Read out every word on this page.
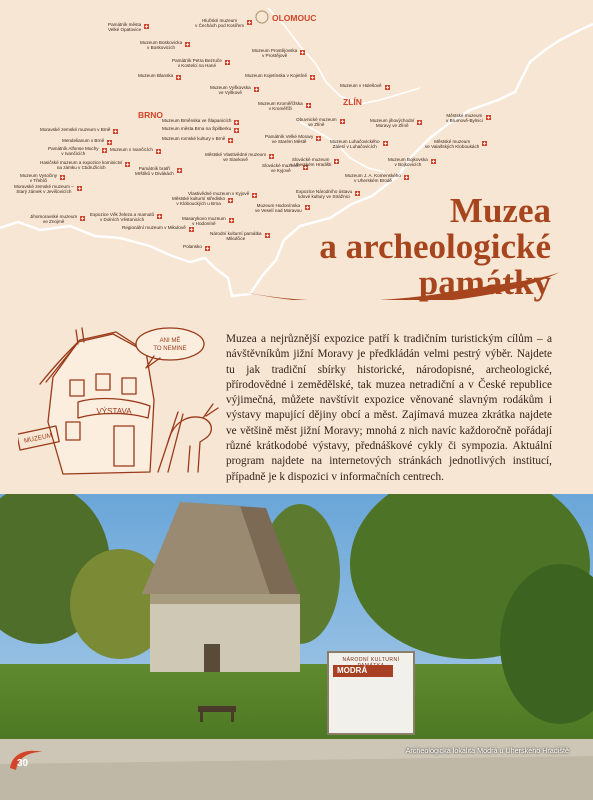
OLOMOUC
BRNO
ZLÍN
Památník města
Velké Opatovice
Hlučské muzeum
v Čechách pod Kosířem
Muzeum Boskovicka
v Boskovicích
Muzeum Prostějovska
v Prostějově
Památník Petra Bezruče
v Kostelci na Hané
Muzeum Blanska	Muzeum Kojetínska v Kojetíně
Muzeum v Holešově
Muzeum Vyškovska
ve Vyškově
Muzeum Kroměřížska
v Kroměříži
Obuvnické muzeum
ve Zlíně
Muzeum jihovýchodní
Moravy ve Zlíně
Městské muzeum
v Brumově-Bylnici
Muzeum Brněnska ve Šlapanicích
Muzeum města Brna na Špilberku
Moravské zemské muzeum v Brně
Muzeum romské kultury v Brně
Mendelianum v Brně
Muzeum v Ivančicích
Památník Alfonse Muchy
v Ivančicích
Památník Velké Moravy
ve Starém Městě	Muzeum Luhačovického
Zálesí v Luhačovicích
Městské muzeum
ve Valašských Kloboukách
Slovácké muzeum
v Uherském Hradišti
Muzeum Bojkovska
v Bojkovicích
Muzeum J. A. Komenského
v Uherském Brodě
Expozice Národního ústavu
lidové kultury ve Strážnici
Slovácké muzeum
ve Kyjově
Památník bratří
Mrštíků v Divákách
Městské Vlastivědné muzeum
ve Slavkově
Vlastivědné muzeum v Kyjově
Muzeum Hodonínska
ve Veselí nad Moravou
Masarykovo muzeum
v Hodoníně
Městské kulturní středisko
v Klobouckých u Brna
Regionální muzeum v Mikulově
Národní kulturní památka
Mikulčice
Expozice Věk železa a mamutů
v Dolních Věstonicích
Jihomoravské muzeum
ve Znojmě
Moravské zemské muzeum –
Starý zámek v Jevišovicích
Polansko
Hasičské muzeum a expozice kominictví
na zámku v Ctidružicích
Muzeum Vysočiny
v Třebíči
Muzea
a archeologické
památky
ANI MĚ
TO NEMINE
MUZEUM
VÝSTAVA
Muzea a nejrůznější expozice patří k tradičním turistickým cílům – a návštěvníkům jižní Moravy je předkládán velmi pestrý výběr. Najdete tu jak tradiční sbírky historické, národopisné, archeologické, přírodovědné i zemědělské, tak muzea netradiční a v České republice výjimečná, můžete navštívit expozice věnované slavným rodákům i výstavy mapující dějiny obcí a měst. Zajímavá muzea zkrátka najdete ve většině měst jižní Moravy; mnohá z nich navíc každoročně pořádají různé krátkodobé výstavy, přednáškové cykly či sympozia. Aktuální program najdete na internetových stránkách jednotlivých institucí, případně je k dispozici v informačních centrech.
NÁRODNÍ KULTURNÍ
MODRÁ
Archeologická lokalita Modrá u Uherského Hradiště
30
